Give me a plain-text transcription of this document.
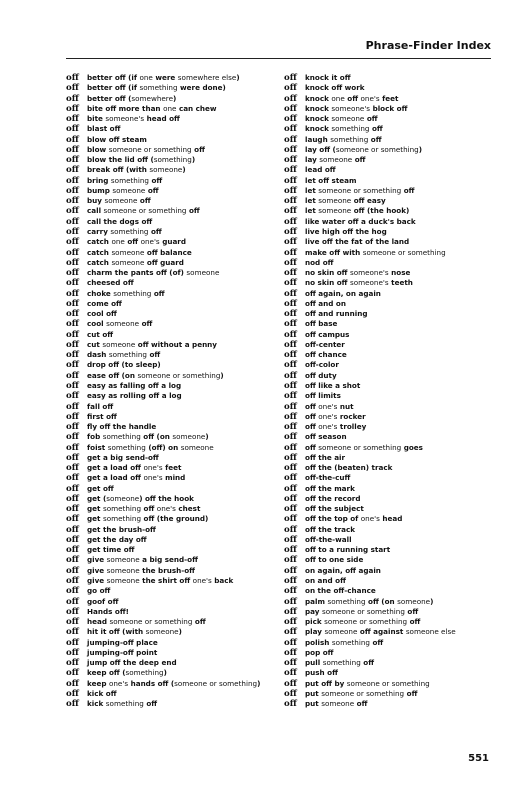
Phrase-Finder Index
off better off (if one were somewhere else)
off better off (if something were done)
off better off (somewhere)
off bite off more than one can chew
off bite someone's head off
off blast off
off blow off steam
off blow someone or something off
off blow the lid off (something)
off break off (with someone)
off bring something off
off bump someone off
off buy someone off
off call someone or something off
off call the dogs off
off carry something off
off catch one off one's guard
off catch someone off balance
off catch someone off guard
off charm the pants off (of) someone
off cheesed off
off choke something off
off come off
off cool off
off cool someone off
off cut off
off cut someone off without a penny
off dash something off
off drop off (to sleep)
off ease off (on someone or something)
off easy as falling off a log
off easy as rolling off a log
off fall off
off first off
off fly off the handle
off fob something off (on someone)
off foist something (off) on someone
off get a big send-off
off get a load off one's feet
off get a load off one's mind
off get off
off get (someone) off the hook
off get something off one's chest
off get something off (the ground)
off get the brush-off
off get the day off
off get time off
off give someone a big send-off
off give someone the brush-off
off give someone the shirt off one's back
off go off
off goof off
off Hands off!
off head someone or something off
off hit it off (with someone)
off jumping-off place
off jumping-off point
off jump off the deep end
off keep off (something)
off keep one's hands off (someone or something)
off kick off
off kick something off
off knock it off
off knock off work
off knock one off one's feet
off knock someone's block off
off knock someone off
off knock something off
off laugh something off
off lay off (someone or something)
off lay someone off
off lead off
off let off steam
off let someone or something off
off let someone off easy
off let someone off (the hook)
off like water off a duck's back
off live high off the hog
off live off the fat of the land
off make off with someone or something
off nod off
off no skin off someone's nose
off no skin off someone's teeth
off off again, on again
off off and on
off off and running
off off base
off off campus
off off-center
off off chance
off off-color
off off duty
off off like a shot
off off limits
off off one's nut
off off one's rocker
off off one's trolley
off off season
off off someone or something goes
off off the air
off off the (beaten) track
off off-the-cuff
off off the mark
off off the record
off off the subject
off off the top of one's head
off off the track
off off-the-wall
off off to a running start
off off to one side
off on again, off again
off on and off
off on the off-chance
off palm something off (on someone)
off pay someone or something off
off pick someone or something off
off play someone off against someone else
off polish something off
off pop off
off pull something off
off push off
off put off by someone or something
off put someone or something off
off put someone off
551
